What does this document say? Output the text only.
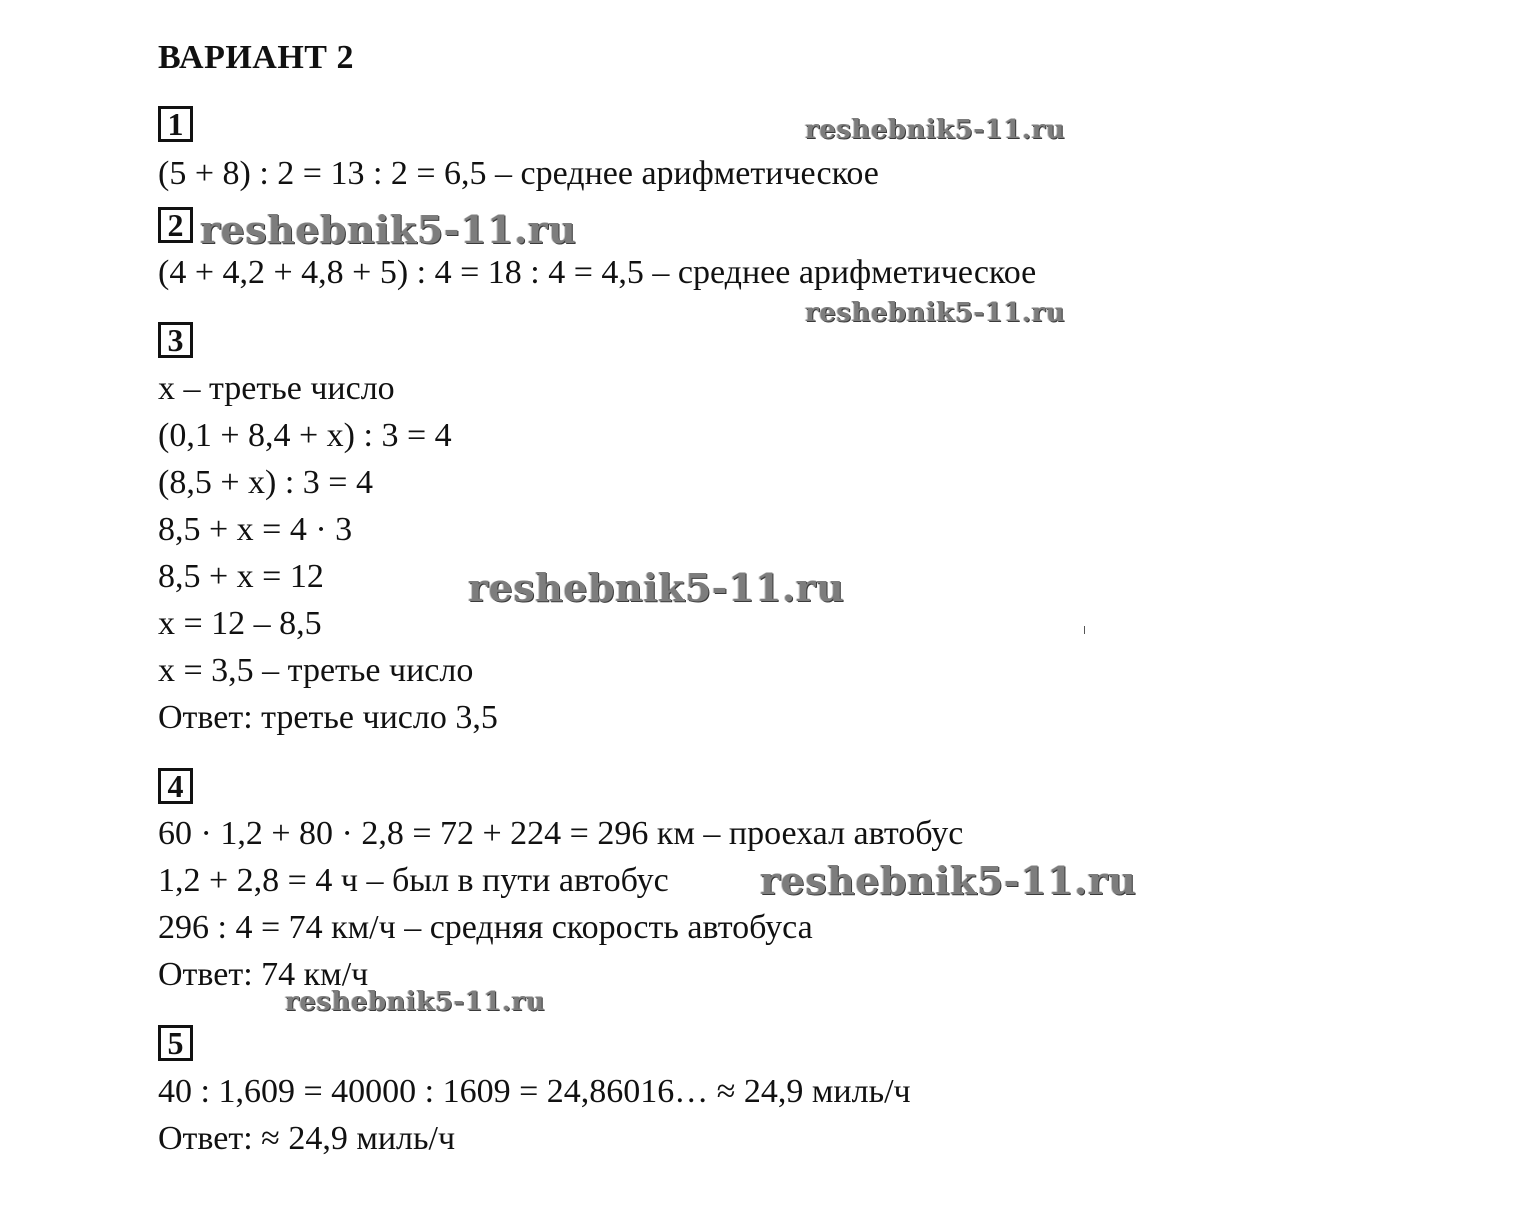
ВАРИАНТ 2
1
(5 + 8) : 2 = 13 : 2 = 6,5 – среднее арифметическое
2
(4 + 4,2 + 4,8 + 5) : 4 = 18 : 4 = 4,5 – среднее арифметическое
3
x – третье число
(0,1 + 8,4 + x) : 3 = 4
(8,5 + x) : 3 = 4
8,5 + x = 4 · 3
8,5 + x = 12
x = 12 – 8,5
x = 3,5 – третье число
Ответ: третье число 3,5
4
60 · 1,2 + 80 · 2,8 = 72 + 224 = 296 км – проехал автобус
1,2 + 2,8 = 4 ч – был в пути автобус
296 : 4 = 74 км/ч – средняя скорость автобуса
Ответ: 74 км/ч
5
40 : 1,609 = 40000 : 1609 = 24,86016… ≈ 24,9 миль/ч
Ответ: ≈ 24,9 миль/ч
reshebnik5-11.ru
reshebnik5-11.ru
reshebnik5-11.ru
reshebnik5-11.ru
reshebnik5-11.ru
reshebnik5-11.ru
